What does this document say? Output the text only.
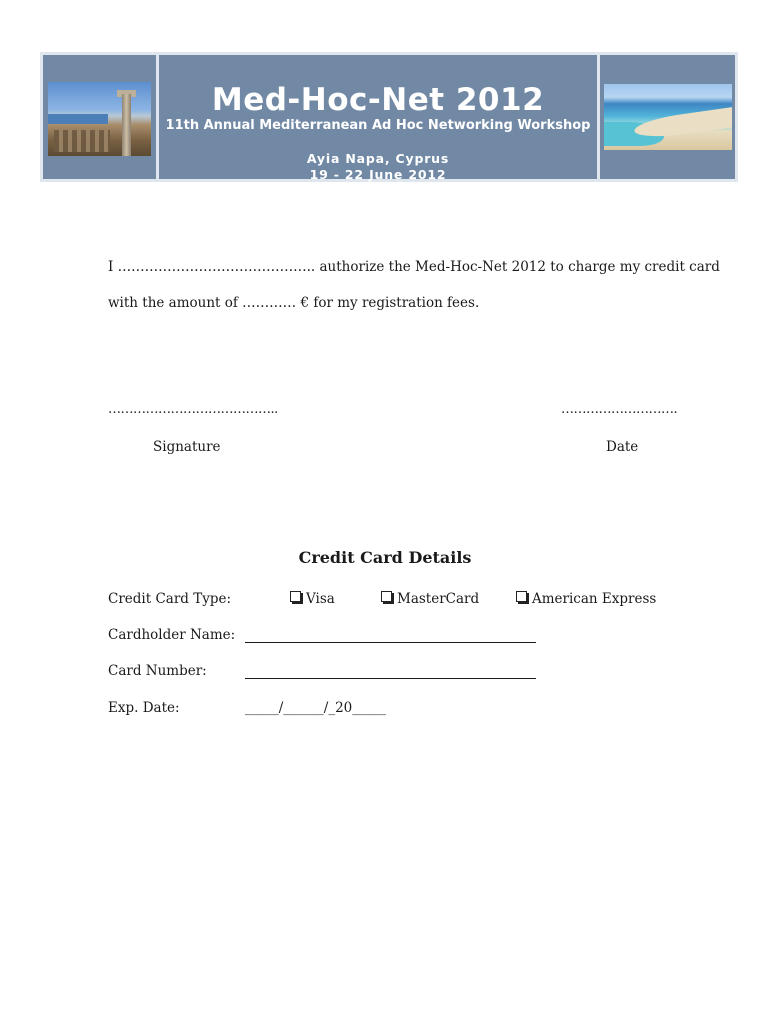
Med-Hoc-Net 2012
11th Annual Mediterranean Ad Hoc Networking Workshop
Ayia Napa, Cyprus
19 - 22 June 2012
I …………………………………….. authorize the Med-Hoc-Net 2012 to charge my credit card
with the amount of ………… € for my registration fees.
…………………………………..	……………………….
Signature	Date
Credit Card Details
Credit Card Type:	Visa	MasterCard	American Express
Cardholder Name:
Card Number:
Exp. Date:	_____/______/_20_____
